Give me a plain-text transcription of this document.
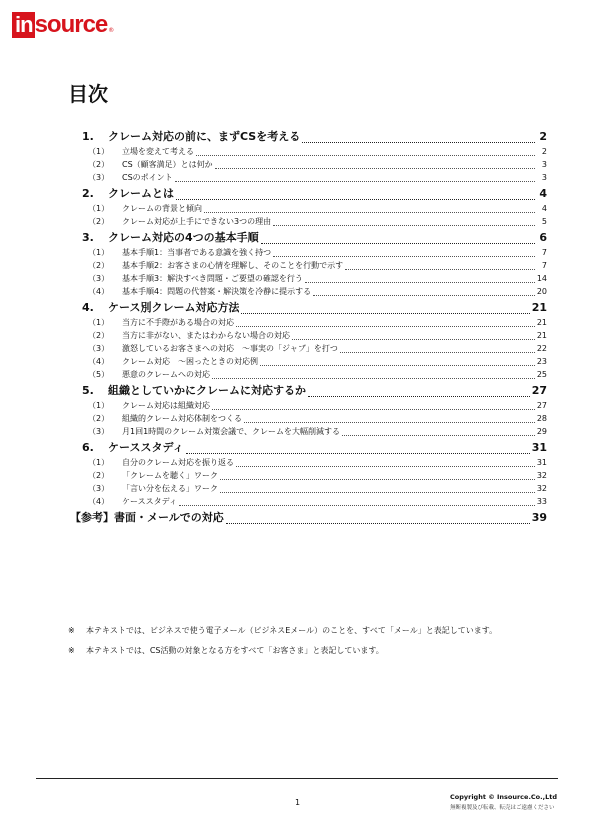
in source ®
目次
1.	クレーム対応の前に、まずCSを考える	2
（1）	立場を変えて考える	2
（2）	CS（顧客満足）とは何か	3
（3）	CSのポイント	3
2.	クレームとは	4
（1）	クレームの背景と傾向	4
（2）	クレーム対応が上手にできない3つの理由	5
3.	クレーム対応の4つの基本手順	6
（1）	基本手順1：当事者である意識を強く持つ	7
（2）	基本手順2：お客さまの心情を理解し、そのことを行動で示す	7
（3）	基本手順3：解決すべき問題・ご要望の確認を行う	14
（4）	基本手順4：問題の代替案・解決策を冷静に提示する	20
4.	ケース別クレーム対応方法	21
（1）	当方に不手際がある場合の対応	21
（2）	当方に非がない、またはわからない場合の対応	21
（3）	激怒しているお客さまへの対応　～事実の「ジャブ」を打つ	22
（4）	クレーム対応　～困ったときの対応例	23
（5）	悪意のクレームへの対応	25
5.	組織としていかにクレームに対応するか	27
（1）	クレーム対応は組織対応	27
（2）	組織的クレーム対応体制をつくる	28
（3）	月1回1時間のクレーム対策会議で、クレームを大幅削減する	29
6.	ケーススタディ	31
（1）	自分のクレーム対応を振り返る	31
（2）	「クレームを聴く」ワーク	32
（3）	「言い分を伝える」ワーク	32
（4）	ケーススタディ	33
【参考】書面・メールでの対応	39
※	本テキストでは、ビジネスで使う電子メール（ビジネスEメール）のことを、すべて「メール」と表記しています。
※	本テキストでは、CS活動の対象となる方をすべて「お客さま」と表記しています。
1
Copyright © Insource.Co.,Ltd
無断複製及び転載、転売はご遠慮ください
